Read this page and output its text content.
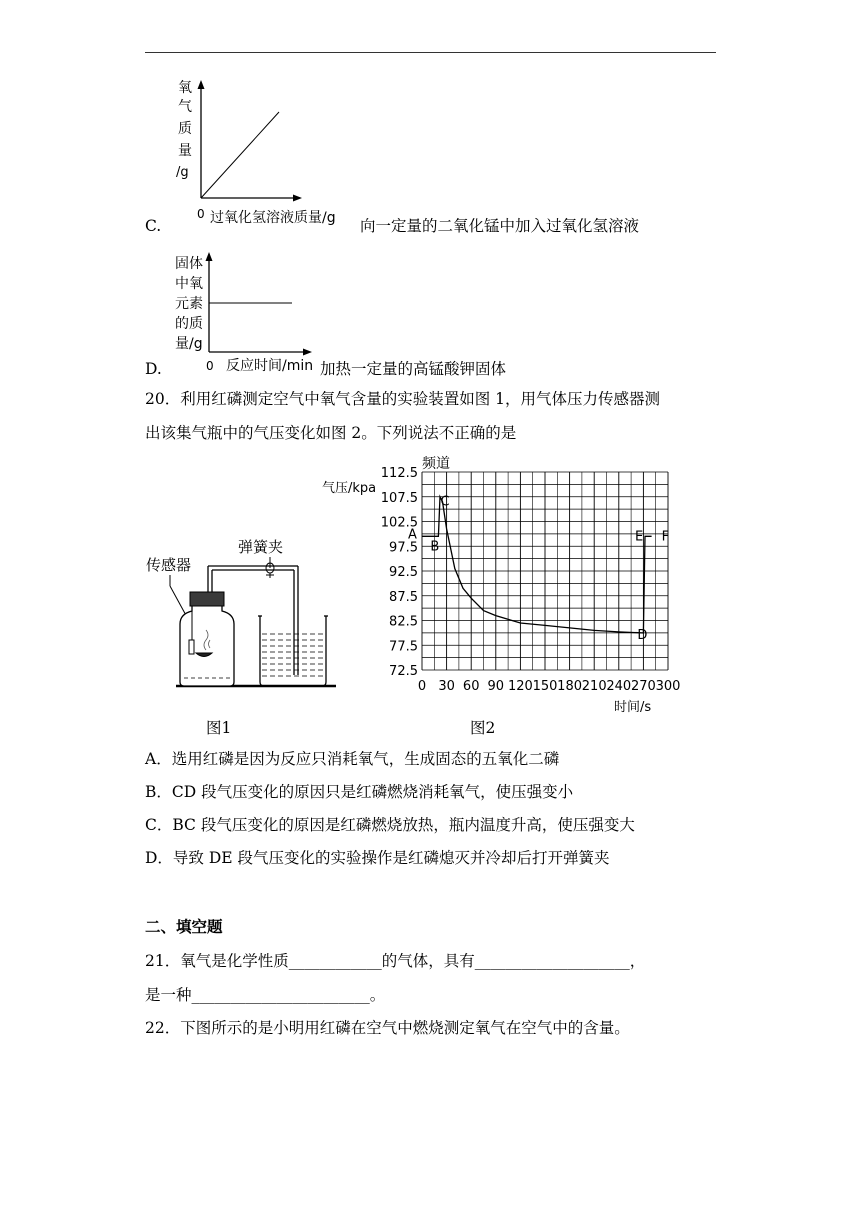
C.
氧
气
质
量
/g
0 过氧化氢溶液质量/g 向一定量的二氧化锰中加入过氧化氢溶液
D.
固体
中氧
元素
的质
量/g
0 反应时间/min 加热一定量的高锰酸钾固体
20．利用红磷测定空气中氧气含量的实验装置如图 1，用气体压力传感器测
出该集气瓶中的气压变化如图 2。下列说法不正确的是
传感器
弹簧夹
图1
72.5
77.5
82.5
87.5
92.5
97.5
102.5
107.5
112.5
0 30 60 90 120 150 180 210 240 270 300
A
B
C
D
E F
频道
气压/kpa
时间/s
图2
A．选用红磷是因为反应只消耗氧气，生成固态的五氧化二磷
B．CD 段气压变化的原因只是红磷燃烧消耗氧气，使压强变小
C．BC 段气压变化的原因是红磷燃烧放热，瓶内温度升高，使压强变大
D．导致 DE 段气压变化的实验操作是红磷熄灭并冷却后打开弹簧夹
二、填空题
21．氧气是化学性质____________的气体，具有____________________，
是一种_______________________。
22．下图所示的是小明用红磷在空气中燃烧测定氧气在空气中的含量。
